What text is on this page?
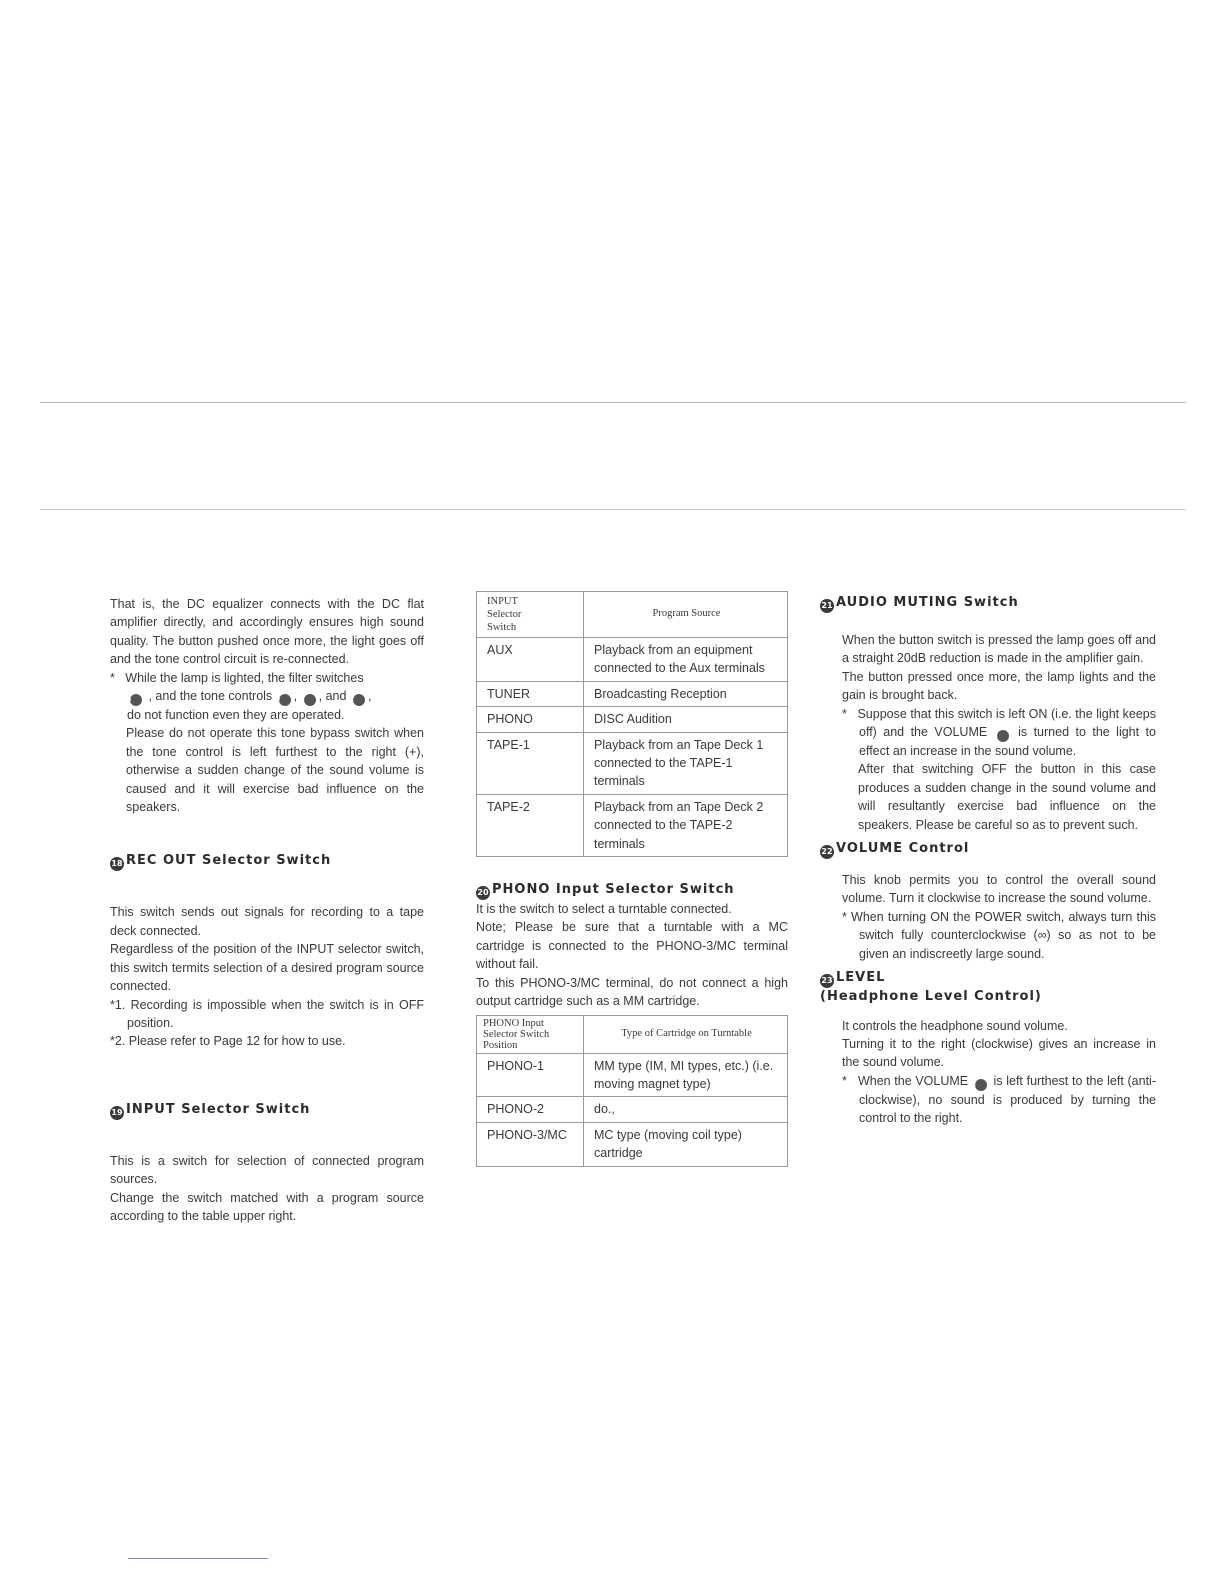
That is, the DC equalizer connects with the DC flat amplifier directly, and accordingly ensures high sound quality. The button pushed once more, the light goes off and the tone control circuit is re-connected.

* While the lamp is lighted, the filter switches
16 , and the tone controls 20 , 21 , and 22 ,
do not function even they are operated.

Please do not operate this tone bypass switch when the tone control is left furthest to the right (+), otherwise a sudden change of the sound volume is caused and it will exercise bad influence on the speakers.

18 REC OUT Selector Switch

This switch sends out signals for recording to a tape deck connected.

Regardless of the position of the INPUT selector switch, this switch termits selection of a desired program source connected.

*1. Recording is impossible when the switch is in OFF position.

*2. Please refer to Page 12 for how to use.

19 INPUT Selector Switch

This is a switch for selection of connected program sources.

Change the switch matched with a program source according to the table upper right.

INPUT
Selector
Switch	Program Source
AUX	Playback from an equipment connected to the Aux terminals
TUNER	Broadcasting Reception
PHONO	DISC Audition
TAPE-1	Playback from an Tape Deck 1 connected to the TAPE-1 terminals
TAPE-2	Playback from an Tape Deck 2 connected to the TAPE-2 terminals

20 PHONO Input Selector Switch

It is the switch to select a turntable connected.

Note; Please be sure that a turntable with a MC cartridge is connected to the PHONO-3/MC terminal without fail.

To this PHONO-3/MC terminal, do not connect a high output cartridge such as a MM cartridge.

PHONO Input
Selector Switch
Position	Type of Cartridge on Turntable
PHONO-1	MM type (IM, MI types, etc.) (i.e. moving magnet type)
PHONO-2	do.,
PHONO-3/MC	MC type (moving coil type) cartridge

21 AUDIO MUTING Switch

When the button switch is pressed the lamp goes off and a straight 20dB reduction is made in the amplifier gain.

The button pressed once more, the lamp lights and the gain is brought back.

* Suppose that this switch is left ON (i.e. the light keeps off) and the VOLUME 22 is turned to the light to effect an increase in the sound volume.

After that switching OFF the button in this case produces a sudden change in the sound volume and will resultantly exercise bad influence on the speakers. Please be careful so as to prevent such.

22 VOLUME Control

This knob permits you to control the overall sound volume. Turn it clockwise to increase the sound volume.

* When turning ON the POWER switch, always turn this switch fully counterclockwise (∞) so as not to be given an indiscreetly large sound.

23 LEVEL

(Headphone Level Control)

It controls the headphone sound volume.

Turning it to the right (clockwise) gives an increase in the sound volume.

* When the VOLUME 22 is left furthest to the left (anti-clockwise), no sound is produced by turning the control to the right.
